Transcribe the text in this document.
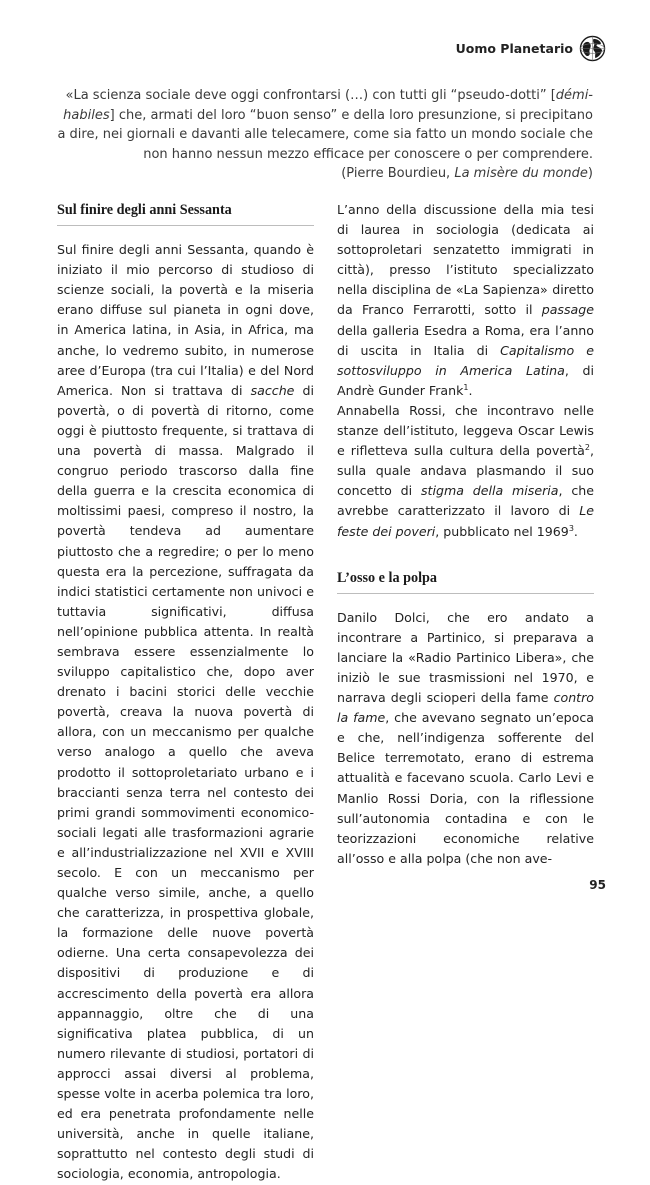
Uomo Planetario
«La scienza sociale deve oggi confrontarsi (…) con tutti gli “pseudo-dotti” [démi-habiles] che, armati del loro “buon senso” e della loro presunzione, si precipitano a dire, nei giornali e davanti alle telecamere, come sia fatto un mondo sociale che non hanno nessun mezzo efficace per conoscere o per comprendere.
(Pierre Bourdieu, La misère du monde)
Sul finire degli anni Sessanta

Sul finire degli anni Sessanta, quando è iniziato il mio percorso di studioso di scienze sociali, la povertà e la miseria erano diffuse sul pianeta in ogni dove, in America latina, in Asia, in Africa, ma anche, lo vedremo subito, in numerose aree d’Europa (tra cui l’Italia) e del Nord America. Non si trattava di sacche di povertà, o di povertà di ritorno, come oggi è piuttosto frequente, si trattava di una povertà di massa. Malgrado il congruo periodo trascorso dalla fine della guerra e la crescita economica di moltissimi paesi, compreso il nostro, la povertà tendeva ad aumentare piuttosto che a regredire; o per lo meno questa era la percezione, suffragata da indici statistici certamente non univoci e tuttavia significativi, diffusa nell’opinione pubblica attenta. In realtà sembrava essere essenzialmente lo sviluppo capitalistico che, dopo aver drenato i bacini storici delle vecchie povertà, creava la nuova povertà di allora, con un meccanismo per qualche verso analogo a quello che aveva prodotto il sottoproletariato urbano e i braccianti senza terra nel contesto dei primi grandi sommovimenti economico-sociali legati alle trasformazioni agrarie e all’industrializzazione nel XVII e XVIII secolo. E con un meccanismo per qualche verso simile, anche, a quello che caratterizza, in prospettiva globale, la formazione delle nuove povertà odierne. Una certa consapevolezza dei dispositivi di produzione e di accrescimento della povertà era allora appannaggio, oltre che di una significativa platea pubblica, di un numero rilevante di studiosi, portatori di approcci assai diversi al problema, spesse volte in acerba polemica tra loro, ed era penetrata profondamente nelle università, anche in quelle italiane, soprattutto nel contesto degli studi di sociologia, economia, antropologia.

L’anno della discussione della mia tesi di laurea in sociologia (dedicata ai sottoproletari senzatetto immigrati in città), presso l’istituto specializzato nella disciplina de «La Sapienza» diretto da Franco Ferrarotti, sotto il passage della galleria Esedra a Roma, era l’anno di uscita in Italia di Capitalismo e sottosviluppo in America Latina, di Andrè Gunder Frank$^1$.

Annabella Rossi, che incontravo nelle stanze dell’istituto, leggeva Oscar Lewis e rifletteva sulla cultura della povertà$^2$, sulla quale andava plasmando il suo concetto di stigma della miseria, che avrebbe caratterizzato il lavoro di Le feste dei poveri, pubblicato nel 1969$^3$.

L’osso e la polpa

Danilo Dolci, che ero andato a incontrare a Partinico, si preparava a lanciare la «Radio Partinico Libera», che iniziò le sue trasmissioni nel 1970, e narrava degli scioperi della fame contro la fame, che avevano segnato un’epoca e che, nell’indigenza sofferente del Belice terremotato, erano di estrema attualità e facevano scuola. Carlo Levi e Manlio Rossi Doria, con la riflessione sull’autonomia contadina e con le teorizzazioni economiche relative all’osso e alla polpa (che non ave-

95
